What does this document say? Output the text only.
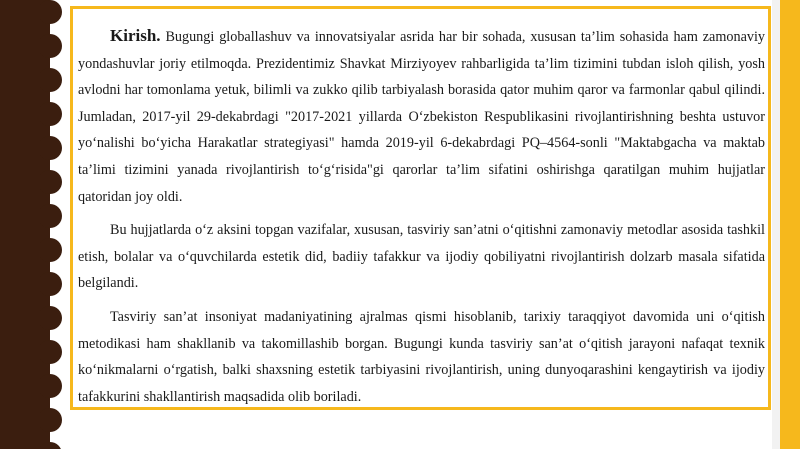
Kirish. Bugungi globallashuv va innovatsiyalar asrida har bir sohada, xususan ta’lim sohasida ham zamonaviy yondashuvlar joriy etilmoqda. Prezidentimiz Shavkat Mirziyoyev rahbarligida ta’lim tizimini tubdan isloh qilish, yosh avlodni har tomonlama yetuk, bilimli va zukko qilib tarbiyalash borasida qator muhim qaror va farmonlar qabul qilindi. Jumladan, 2017-yil 29-dekabrdagi "2017-2021 yillarda O‘zbekiston Respublikasini rivojlantirishning beshta ustuvor yo‘nalishi bo‘yicha Harakatlar strategiyasi" hamda 2019-yil 6-dekabrdagi PQ–4564-sonli "Maktabgacha va maktab ta’limi tizimini yanada rivojlantirish to‘g‘risida"gi qarorlar ta’lim sifatini oshirishga qaratilgan muhim hujjatlar qatoridan joy oldi.

Bu hujjatlarda o‘z aksini topgan vazifalar, xususan, tasviriy san’atni o‘qitishni zamonaviy metodlar asosida tashkil etish, bolalar va o‘quvchilarda estetik did, badiiy tafakkur va ijodiy qobiliyatni rivojlantirish dolzarb masala sifatida belgilandi.

Tasviriy san’at insoniyat madaniyatining ajralmas qismi hisoblanib, tarixiy taraqqiyot davomida uni o‘qitish metodikasi ham shakllanib va takomillashib borgan. Bugungi kunda tasviriy san’at o‘qitish jarayoni nafaqat texnik ko‘nikmalarni o‘rgatish, balki shaxsning estetik tarbiyasini rivojlantirish, uning dunyoqarashini kengaytirish va ijodiy tafakkurini shakllantirish maqsadida olib boriladi.
